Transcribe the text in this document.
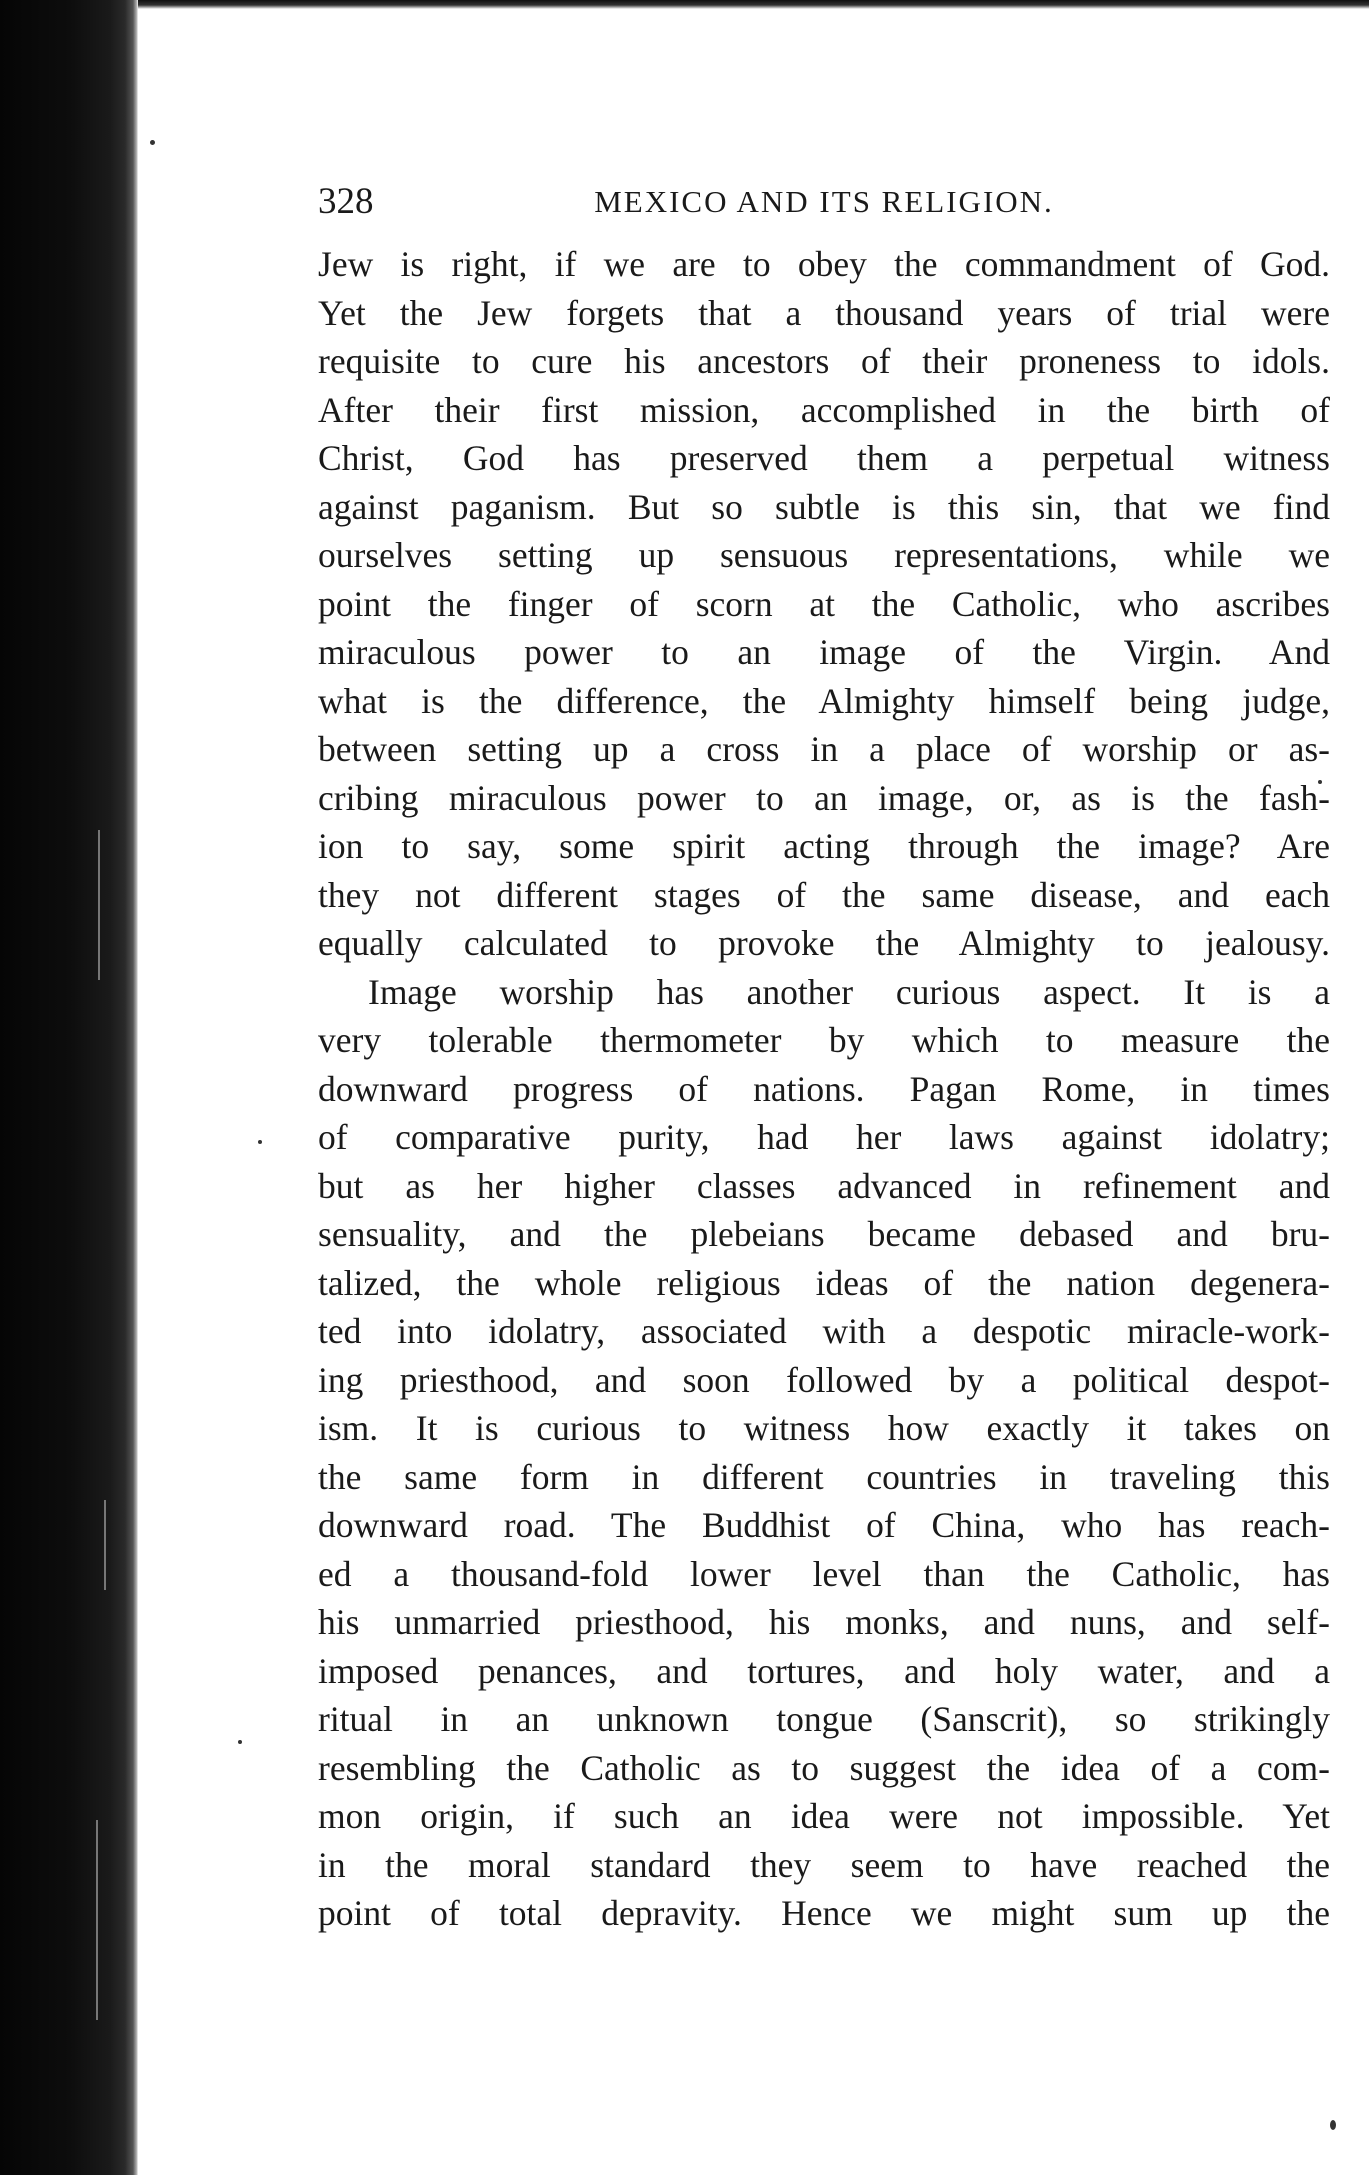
328	MEXICO AND ITS RELIGION.
Jew is right, if we are to obey the commandment of God.
Yet the Jew forgets that a thousand years of trial were
requisite to cure his ancestors of their proneness to idols.
After their first mission, accomplished in the birth of
Christ, God has preserved them a perpetual witness
against paganism. But so subtle is this sin, that we find
ourselves setting up sensuous representations, while we
point the finger of scorn at the Catholic, who ascribes
miraculous power to an image of the Virgin. And
what is the difference, the Almighty himself being judge,
between setting up a cross in a place of worship or as-
cribing miraculous power to an image, or, as is the fash-
ion to say, some spirit acting through the image? Are
they not different stages of the same disease, and each
equally calculated to provoke the Almighty to jealousy.
Image worship has another curious aspect. It is a
very tolerable thermometer by which to measure the
downward progress of nations. Pagan Rome, in times
of comparative purity, had her laws against idolatry;
but as her higher classes advanced in refinement and
sensuality, and the plebeians became debased and bru-
talized, the whole religious ideas of the nation degenera-
ted into idolatry, associated with a despotic miracle-work-
ing priesthood, and soon followed by a political despot-
ism. It is curious to witness how exactly it takes on
the same form in different countries in traveling this
downward road. The Buddhist of China, who has reach-
ed a thousand-fold lower level than the Catholic, has
his unmarried priesthood, his monks, and nuns, and self-
imposed penances, and tortures, and holy water, and a
ritual in an unknown tongue (Sanscrit), so strikingly
resembling the Catholic as to suggest the idea of a com-
mon origin, if such an idea were not impossible. Yet
in the moral standard they seem to have reached the
point of total depravity. Hence we might sum up the
